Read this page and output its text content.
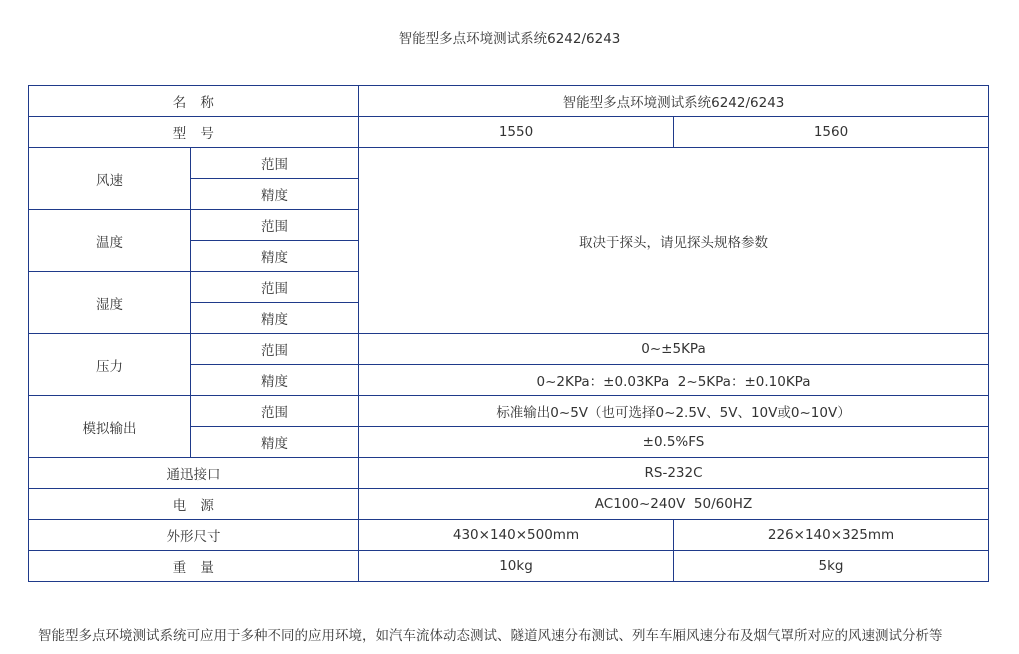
智能型多点环境测试系统6242/6243
名　称		智能型多点环境测试系统6242/6243	
型　号		1550	1560
风速	范围	取决于探头，请见探头规格参数	
	精度		
温度	范围		
	精度		
湿度	范围		
	精度		
压力	范围	0~±5KPa	
	精度	0~2KPa：±0.03KPa  2~5KPa：±0.10KPa	
模拟输出	范围	标准输出0~5V（也可选择0~2.5V、5V、10V或0~10V）	
	精度	±0.5%FS	
通迅接口		RS-232C	
电　源		AC100~240V  50/60HZ	
外形尺寸		430×140×500mm	226×140×325mm
重　量		10kg	5kg
智能型多点环境测试系统可应用于多种不同的应用环境，如汽车流体动态测试、隧道风速分布测试、列车车厢风速分布及烟气罩所对应的风速测试分析等
